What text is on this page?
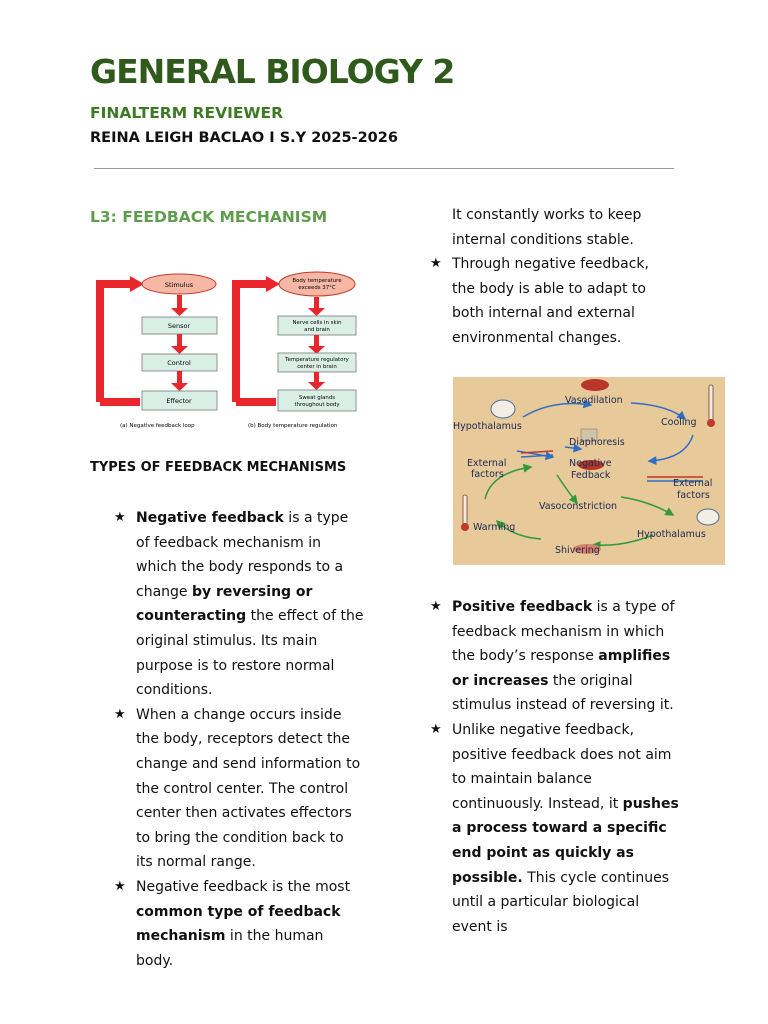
GENERAL BIOLOGY 2
FINALTERM REVIEWER
REINA LEIGH BACLAO I S.Y 2025-2026
L3: FEEDBACK MECHANISM
Stimulus
Sensor
Control
Effector
(a) Negative feedback loop
Body temperature
exceeds 37°C
Nerve cells in skin
and brain
Temperature regulatory
center in brain
Sweat glands
throughout body
(b) Body temperature regulation
TYPES OF FEEDBACK MECHANISMS
★ Negative feedback is a type of feedback mechanism in which the body responds to a change by reversing or counteracting the effect of the original stimulus. Its main purpose is to restore normal conditions.
★ When a change occurs inside the body, receptors detect the change and send information to the control center. The control center then activates effectors to bring the condition back to its normal range.
★ Negative feedback is the most common type of feedback mechanism in the human body.

It constantly works to keep internal conditions stable.

★ Through negative feedback, the body is able to adapt to both internal and external environmental changes.
Vasodilation
Hypothalamus	Cooling
Diaphoresis
External
factors
Negative
Fedback
External
factors
Vasoconstriction
Warming
Hypothalamus
Shivering
★ Positive feedback is a type of feedback mechanism in which the body’s response amplifies or increases the original stimulus instead of reversing it.
★ Unlike negative feedback, positive feedback does not aim to maintain balance continuously. Instead, it pushes a process toward a specific end point as quickly as possible. This cycle continues until a particular biological event is
